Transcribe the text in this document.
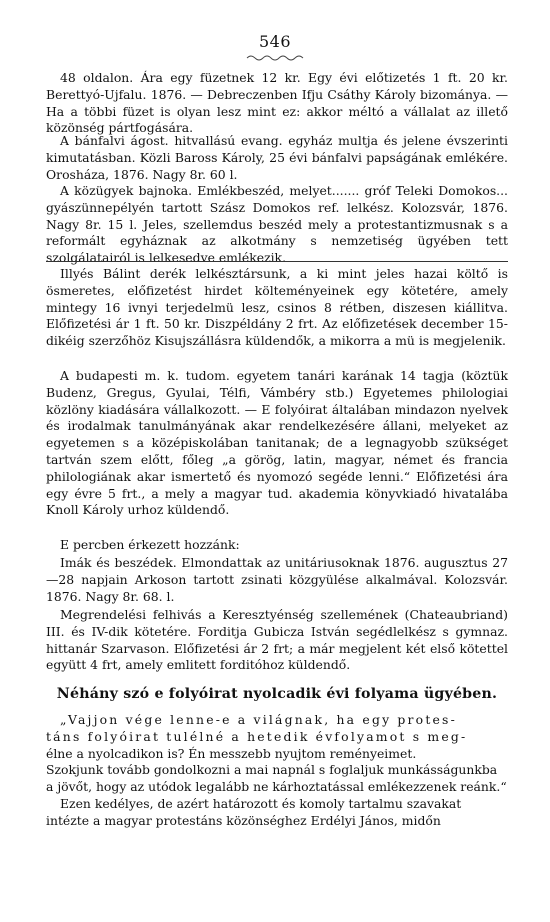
546

48 oldalon. Ára egy füzetnek 12 kr. Egy évi előtizetés 1 ft. 20 kr. Berettyó-Ujfalu. 1876. — Debreczenben Ifju Csáthy Károly bizománya. — Ha a többi füzet is olyan lesz mint ez: akkor méltó a vállalat az illető közönség pártfogására.

A bánfalvi ágost. hitvallású evang. egyház multja és jelene évszerinti kimutatásban. Közli Baross Károly, 25 évi bánfalvi papságának emlékére. Orosháza, 1876. Nagy 8r. 60 l.

A közügyek bajnoka. Emlékbeszéd, melyet....... gróf Teleki Domokos... gyászünnepélyén tartott Szász Domokos ref. lelkész. Kolozsvár, 1876. Nagy 8r. 15 l. Jeles, szellemdus beszéd mely a protestantizmusnak s a reformált egyháznak az alkotmány s nemzetiség ügyében tett szolgálatairól is lelkesedve emlékezik.

Illyés Bálint derék lelkésztársunk, a ki mint jeles hazai költő is ösmeretes, előfizetést hirdet költeményeinek egy kötetére, amely mintegy 16 ivnyi terjedelmü lesz, csinos 8 rétben, diszesen kiállitva. Előfizetési ár 1 ft. 50 kr. Diszpéldány 2 frt. Az előfizetések december 15-dikéig szerzőhöz Kisujszállásra küldendők, a mikorra a mü is megjelenik.

A budapesti m. k. tudom. egyetem tanári karának 14 tagja (köztük Budenz, Gregus, Gyulai, Télfi, Vámbéry stb.) Egyetemes philologiai közlöny kiadására vállalkozott. — E folyóirat általában mindazon nyelvek és irodalmak tanulmányának akar rendelkezésére állani, melyeket az egyetemen s a középiskolában tanitanak; de a legnagyobb szükséget tartván szem előtt, főleg „a görög, latin, magyar, német és francia philologiának akar ismertető és nyomozó segéde lenni.“ Előfizetési ára egy évre 5 frt., a mely a magyar tud. akademia könyvkiadó hivatalába Knoll Károly urhoz küldendő.

E percben érkezett hozzánk:

Imák és beszédek. Elmondattak az unitáriusoknak 1876. augusztus 27—28 napjain Arkoson tartott zsinati közgyülése alkalmával. Kolozsvár. 1876. Nagy 8r. 68. l.

Megrendelési felhivás a Keresztyénség szellemének (Chateaubriand) III. és IV-dik kötetére. Forditja Gubicza István segédlelkész s gymnaz. hittanár Szarvason. Előfizetési ár 2 frt; a már megjelent két első kötettel együtt 4 frt, amely emlitett forditóhoz küldendő.

Néhány szó e folyóirat nyolcadik évi folyama ügyében.
„Vajjon vége lenne-e a világnak, ha egy protes-
táns folyóirat tulélné a hetedik évfolyamot s meg-
élne a nyolcadikon is? Én messzebb nyujtom reményeimet.
Szokjunk tovább gondolkozni a mai napnál s foglaljuk munkásságunkba
a jövőt, hogy az utódok legalább ne kárhoztatással emlékezzenek reánk.“
Ezen kedélyes, de azért határozott és komoly tartalmu szavakat
intézte a magyar protestáns közönséghez Erdélyi János, midőn
